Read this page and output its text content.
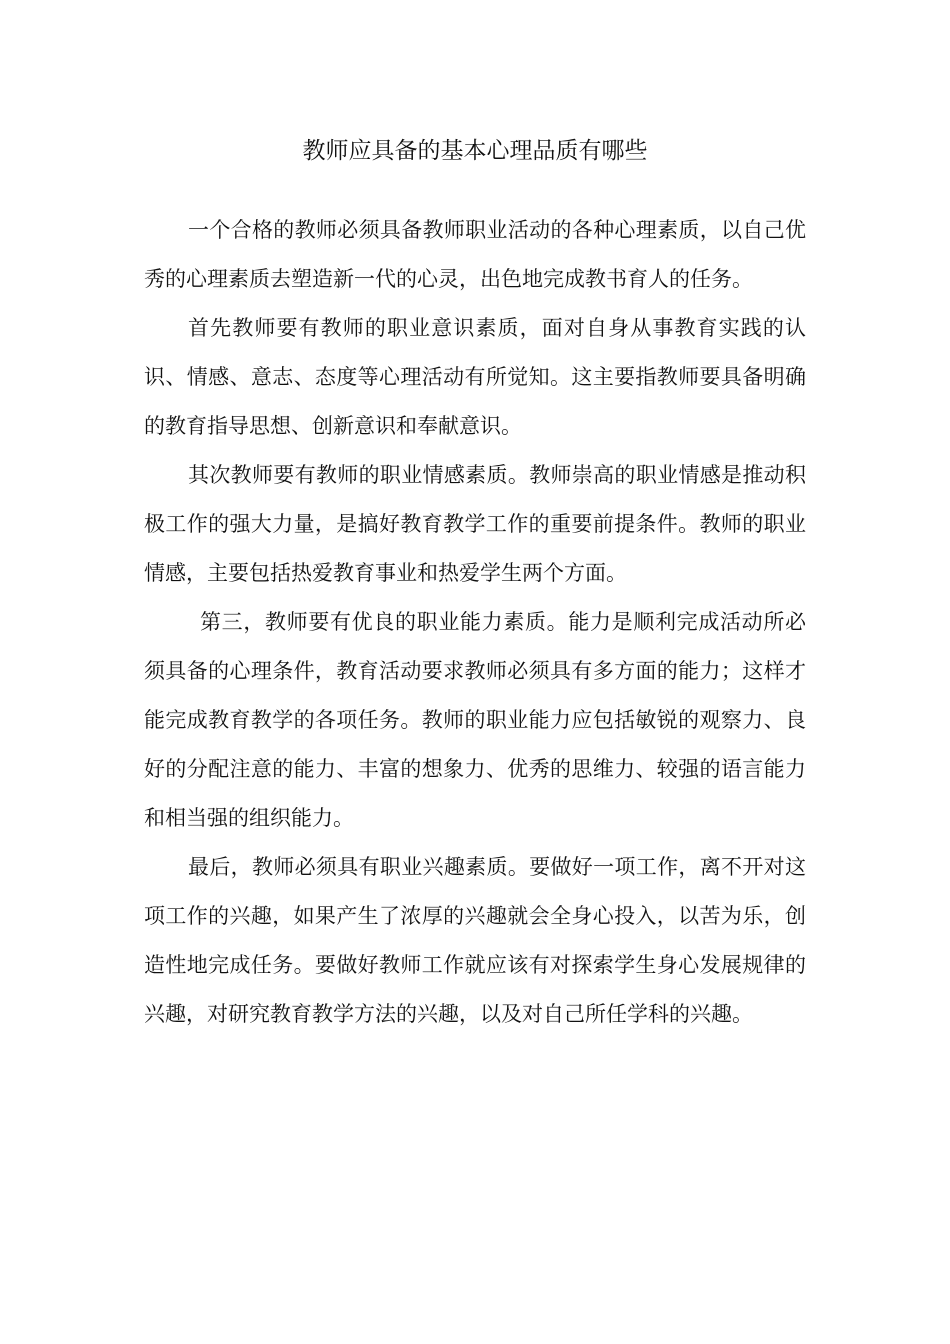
教师应具备的基本心理品质有哪些

一个合格的教师必须具备教师职业活动的各种心理素质，以自己优秀的心理素质去塑造新一代的心灵，出色地完成教书育人的任务。

首先教师要有教师的职业意识素质，面对自身从事教育实践的认识、情感、意志、态度等心理活动有所觉知。这主要指教师要具备明确的教育指导思想、创新意识和奉献意识。

其次教师要有教师的职业情感素质。教师崇高的职业情感是推动积极工作的强大力量，是搞好教育教学工作的重要前提条件。教师的职业情感，主要包括热爱教育事业和热爱学生两个方面。

第三，教师要有优良的职业能力素质。能力是顺利完成活动所必须具备的心理条件，教育活动要求教师必须具有多方面的能力；这样才能完成教育教学的各项任务。教师的职业能力应包括敏锐的观察力、良好的分配注意的能力、丰富的想象力、优秀的思维力、较强的语言能力和相当强的组织能力。

最后，教师必须具有职业兴趣素质。要做好一项工作，离不开对这项工作的兴趣，如果产生了浓厚的兴趣就会全身心投入，以苦为乐，创造性地完成任务。要做好教师工作就应该有对探索学生身心发展规律的兴趣，对研究教育教学方法的兴趣，以及对自己所任学科的兴趣。
